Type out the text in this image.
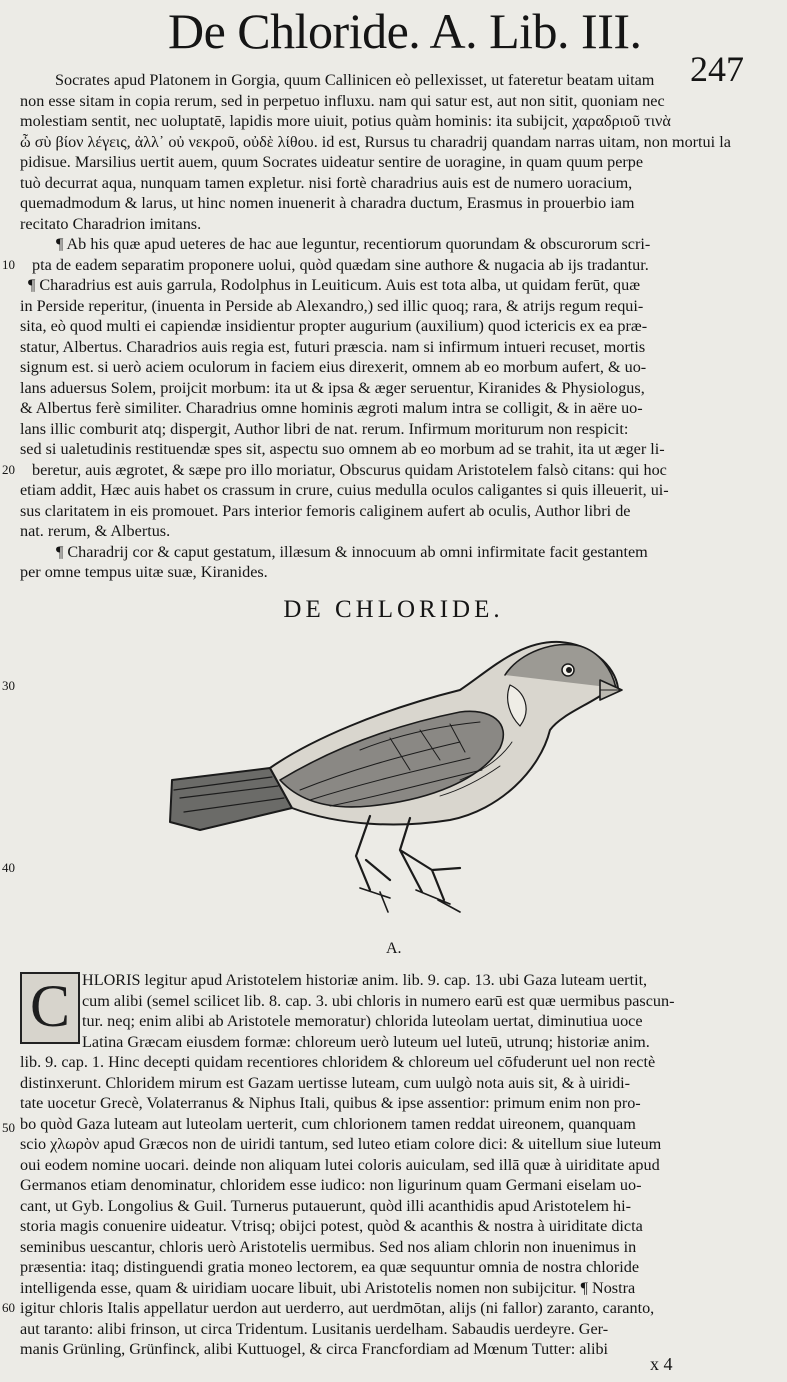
De Chloride. A. Lib. III.
247
10
20
30
40
50
60
Socrates apud Platonem in Gorgia, quum Callinicen eò pellexisset, ut fateretur beatam uitam
non esse sitam in copia rerum, sed in perpetuo influxu. nam qui satur est, aut non sitit, quoniam nec
molestiam sentit, nec uoluptatē, lapidis more uiuit, potius quàm hominis: ita subijcit, χαραδριοῦ τινὰ
ὦ σὺ βίον λέγεις, ἀλλ᾽ οὐ νεκροῦ, οὐδὲ λίθου. id est, Rursus tu charadrij quandam narras uitam, non mortui la
pidisue. Marsilius uertit auem, quum Socrates uideatur sentire de uoragine, in quam quum perpe
tuò decurrat aqua, nunquam tamen expletur. nisi fortè charadrius auis est de numero uoracium,
quemadmodum & larus, ut hinc nomen inuenerit à charadra ductum, Erasmus in prouerbio iam
recitato Charadrion imitans.
¶ Ab his quæ apud ueteres de hac aue leguntur, recentiorum quorundam & obscurorum scri-
pta de eadem separatim proponere uolui, quòd quædam sine authore & nugacia ab ijs tradantur.
¶ Charadrius est auis garrula, Rodolphus in Leuiticum. Auis est tota alba, ut quidam ferūt, quæ
in Perside reperitur, (inuenta in Perside ab Alexandro,) sed illic quoq; rara, & atrijs regum requi-
sita, eò quod multi ei capiendæ insidientur propter augurium (auxilium) quod ictericis ex ea præ-
statur, Albertus. Charadrios auis regia est, futuri præscia. nam si infirmum intueri recuset, mortis
signum est. si uerò aciem oculorum in faciem eius direxerit, omnem ab eo morbum aufert, & uo-
lans aduersus Solem, proijcit morbum: ita ut & ipsa & æger seruentur, Kiranides & Physiologus,
& Albertus ferè similiter. Charadrius omne hominis ægroti malum intra se colligit, & in aëre uo-
lans illic comburit atq; dispergit, Author libri de nat. rerum. Infirmum moriturum non respicit:
sed si ualetudinis restituendæ spes sit, aspectu suo omnem ab eo morbum ad se trahit, ita ut æger li-
beretur, auis ægrotet, & sæpe pro illo moriatur, Obscurus quidam Aristotelem falsò citans: qui hoc
etiam addit, Hæc auis habet os crassum in crure, cuius medulla oculos caligantes si quis illeuerit, ui-
sus claritatem in eis promouet. Pars interior femoris caliginem aufert ab oculis, Author libri de
nat. rerum, & Albertus.
¶ Charadrij cor & caput gestatum, illæsum & innocuum ab omni infirmitate facit gestantem
per omne tempus uitæ suæ, Kiranides.
DE CHLORIDE.
A.
C HLORIS legitur apud Aristotelem historiæ anim. lib. 9. cap. 13. ubi Gaza luteam uertit,
cum alibi (semel scilicet lib. 8. cap. 3. ubi chloris in numero earū est quæ uermibus pascun-
tur. neq; enim alibi ab Aristotele memoratur) chlorida luteolam uertat, diminutiua uoce
Latina Græcam eiusdem formæ: chloreum uerò luteum uel luteū, utrunq; historiæ anim.
lib. 9. cap. 1. Hinc decepti quidam recentiores chloridem & chloreum uel cōfuderunt uel non rectè
distinxerunt. Chloridem mirum est Gazam uertisse luteam, cum uulgò nota auis sit, & à uiridi-
tate uocetur Grecè, Volaterranus & Niphus Itali, quibus & ipse assentior: primum enim non pro-
bo quòd Gaza luteam aut luteolam uerterit, cum chlorionem tamen reddat uireonem, quanquam
scio χλωρὸν apud Græcos non de uiridi tantum, sed luteo etiam colore dici: & uitellum siue luteum
oui eodem nomine uocari. deinde non aliquam lutei coloris auiculam, sed illā quæ à uiriditate apud
Germanos etiam denominatur, chloridem esse iudico: non ligurinum quam Germani eiselam uo-
cant, ut Gyb. Longolius & Guil. Turnerus putauerunt, quòd illi acanthidis apud Aristotelem hi-
storia magis conuenire uideatur. Vtrisq; obijci potest, quòd & acanthis & nostra à uiriditate dicta
seminibus uescantur, chloris uerò Aristotelis uermibus. Sed nos aliam chlorin non inuenimus in
præsentia: itaq; distinguendi gratia moneo lectorem, ea quæ sequuntur omnia de nostra chloride
intelligenda esse, quam & uiridiam uocare libuit, ubi Aristotelis nomen non subijcitur. ¶ Nostra
igitur chloris Italis appellatur uerdon aut uerderro, aut uerdmōtan, alijs (ni fallor) zaranto, caranto,
aut taranto: alibi frinson, ut circa Tridentum. Lusitanis uerdelham. Sabaudis uerdeyre. Ger-
manis Grünling, Grünfinck, alibi Kuttuogel, & circa Francfordiam ad Mœnum Tutter: alibi
x 4
